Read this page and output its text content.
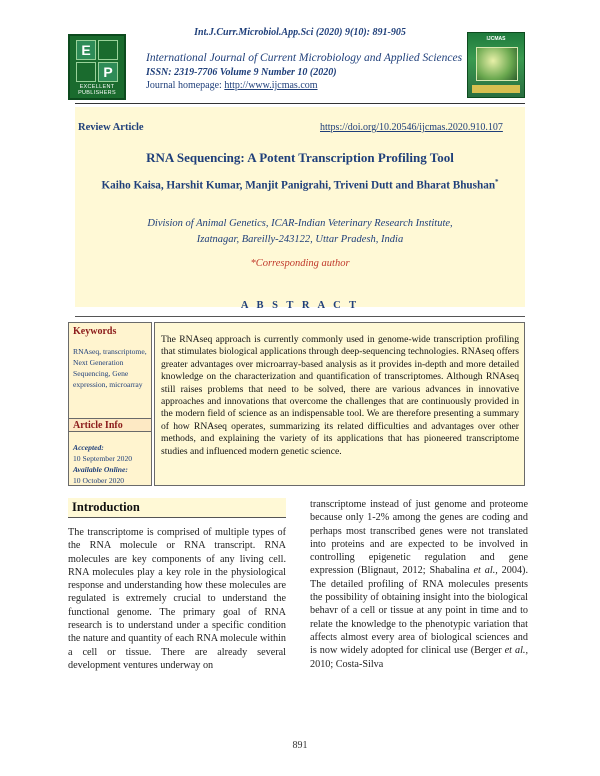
Int.J.Curr.Microbiol.App.Sci (2020) 9(10): 891-905
E
P
EXCELLENT PUBLISHERS
International Journal of Current Microbiology and Applied Sciences
ISSN: 2319-7706 Volume 9 Number 10 (2020)
Journal homepage: http://www.ijcmas.com
IJCMAS
Review Article	https://doi.org/10.20546/ijcmas.2020.910.107
RNA Sequencing: A Potent Transcription Profiling Tool
Kaiho Kaisa, Harshit Kumar, Manjit Panigrahi, Triveni Dutt and Bharat Bhushan*
Division of Animal Genetics, ICAR-Indian Veterinary Research Institute,
Izatnagar, Bareilly-243122, Uttar Pradesh, India
*Corresponding author
A B S T R A C T
Keywords
RNAseq, transcriptome, Next Generation Sequencing, Gene expression, microarray
Article Info
Accepted:
10 September 2020
Available Online:
10 October 2020
The RNAseq approach is currently commonly used in genome-wide transcription profiling that stimulates biological applications through deep-sequencing technologies. RNAseq offers greater advantages over microarray-based analysis as it provides in-depth and more detailed knowledge on the characterization and quantification of transcriptomes. Although RNAseq still raises problems that need to be solved, there are various advances in innovative approaches and innovations that overcome the challenges that are continuously provided in the modern field of science as an indispensable tool. We are therefore presenting a summary of how RNAseq operates, summarizing its related difficulties and advantages over other methods, and explaining the variety of its applications that has pioneered transcriptome studies and influenced modern genetic science.
Introduction
The transcriptome is comprised of multiple types of the RNA molecule or RNA transcript. RNA molecules are key components of any living cell. RNA molecules play a key role in the physiological response and understanding how these molecules are regulated is extremely crucial to understand the functional genome. The primary goal of RNA research is to understand under a specific condition the nature and quantity of each RNA molecule within a cell or tissue. There are already several development ventures underway on
transcriptome instead of just genome and proteome because only 1-2% among the genes are coding and perhaps most transcribed genes were not translated into proteins and are expected to be involved in controlling epigenetic regulation and gene expression (Blignaut, 2012; Shabalina et al., 2004). The detailed profiling of RNA molecules presents the possibility of obtaining insight into the biological behavr of a cell or tissue at any point in time and to relate the knowledge to the phenotypic variation that affects almost every area of biological sciences and is now widely adopted for clinical use (Berger et al., 2010; Costa-Silva
891
